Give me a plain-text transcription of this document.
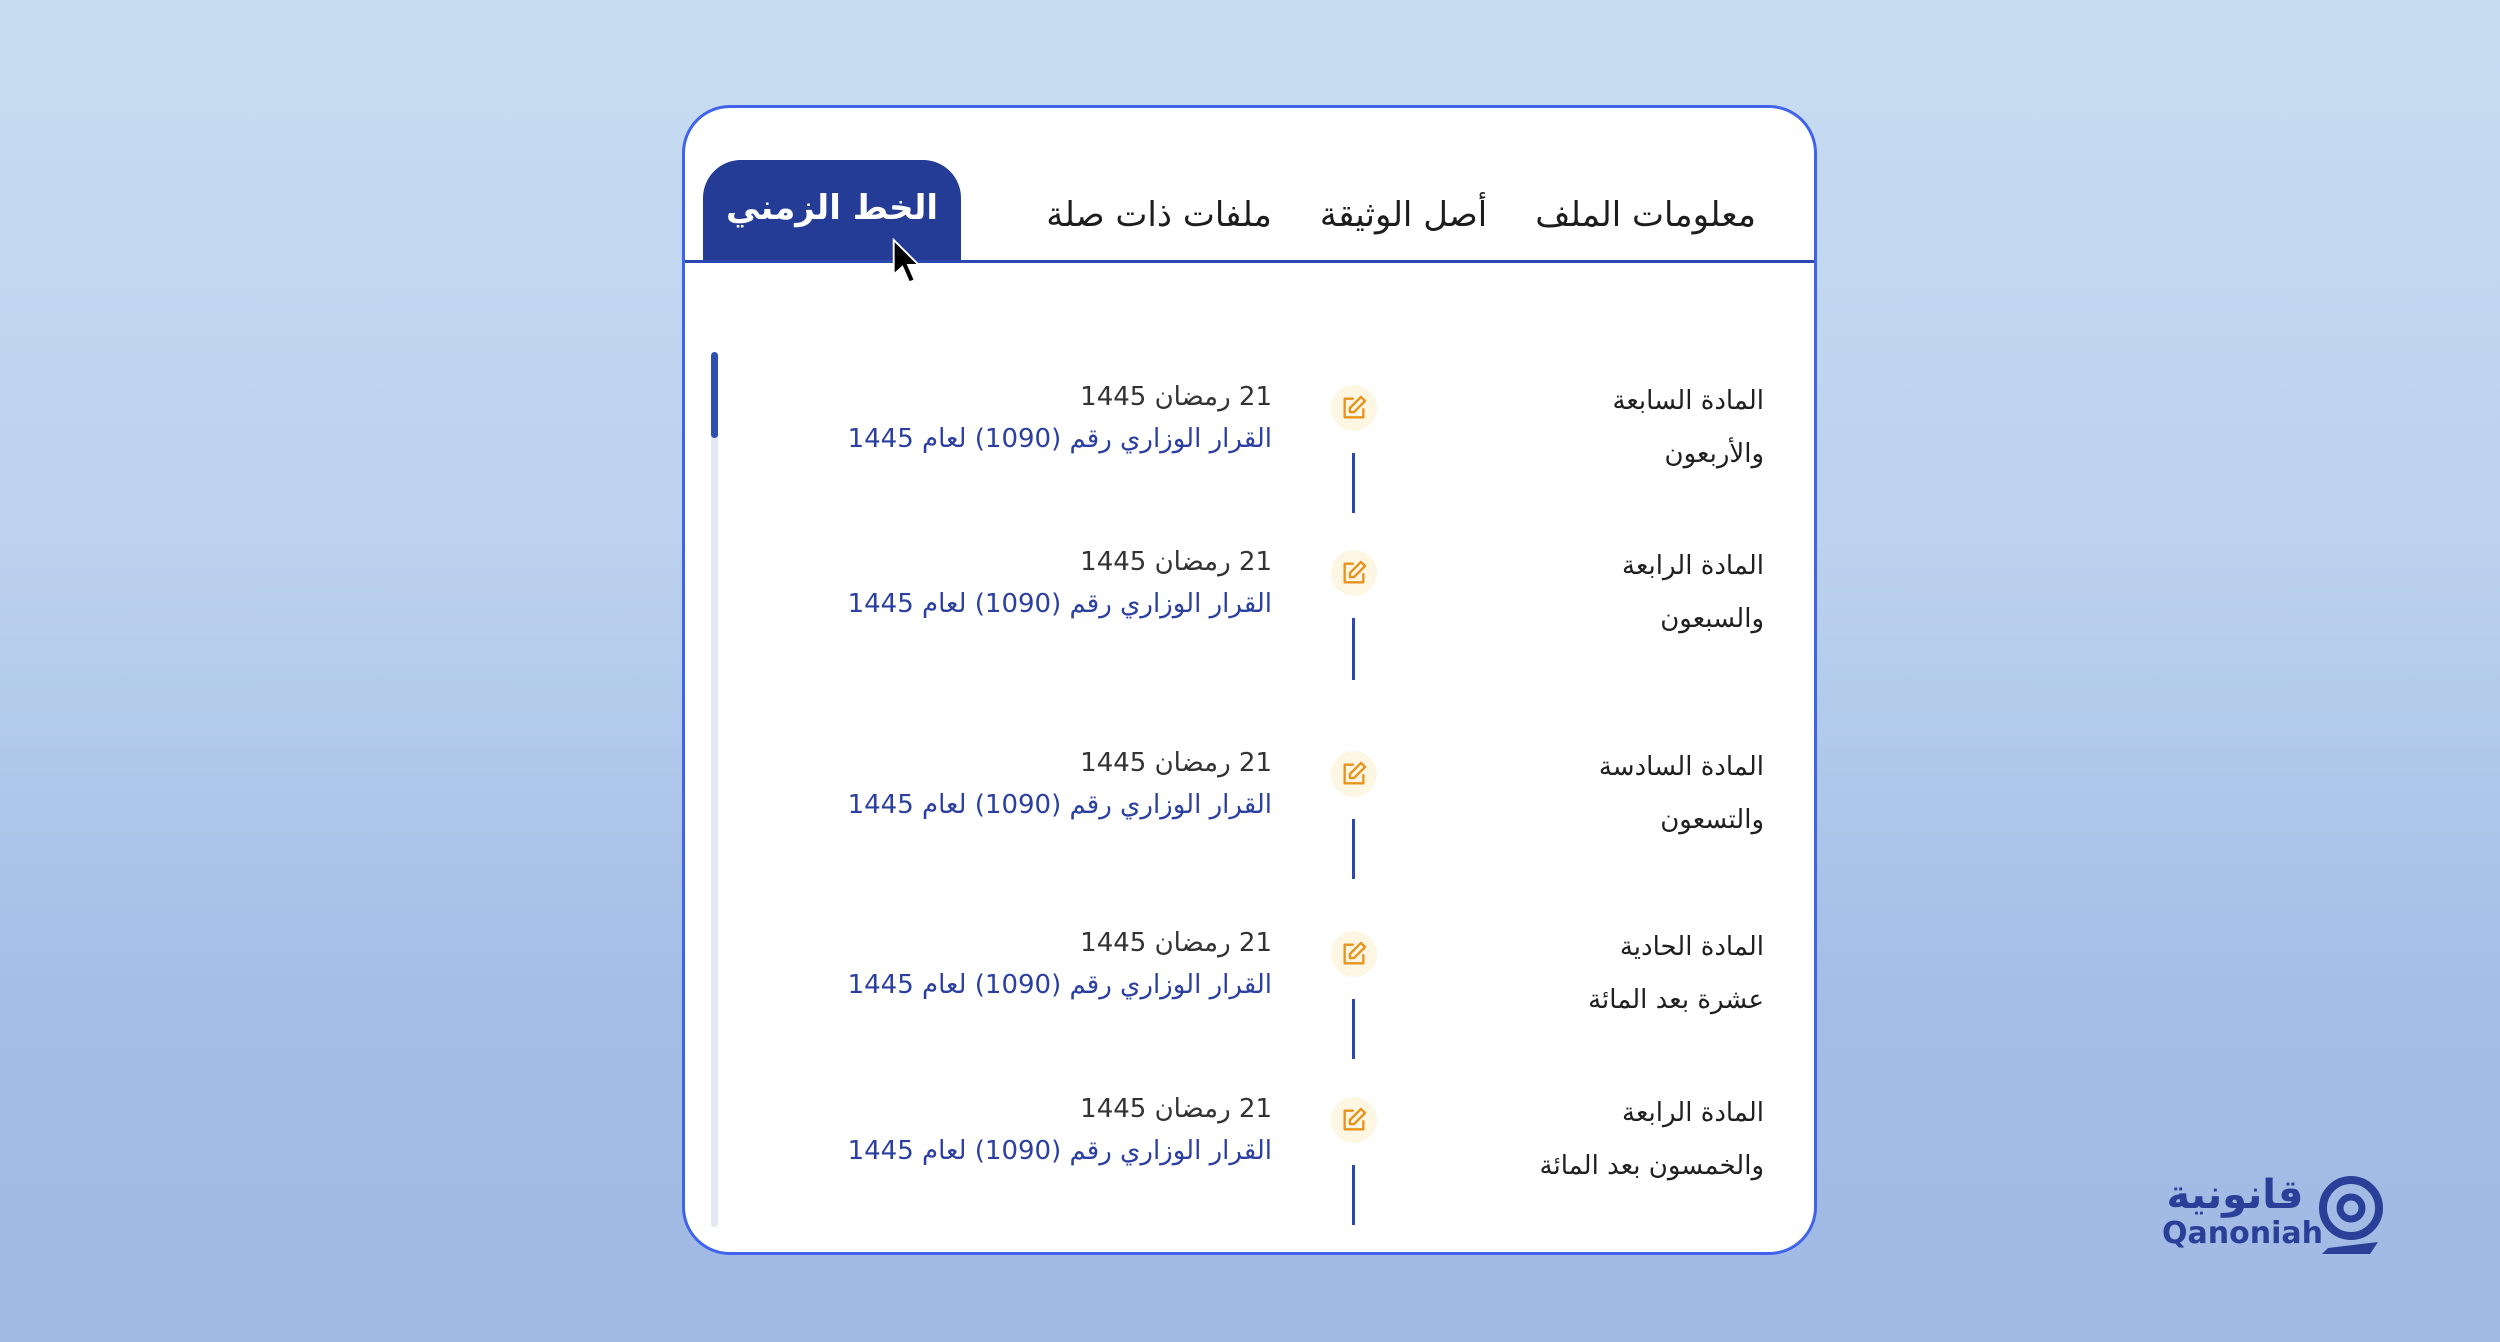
معلومات الملف
أصل الوثيقة
ملفات ذات صلة
الخط الزمني
المادة السابعة
والأربعون
21 رمضان 1445
القرار الوزاري رقم (1090) لعام 1445
المادة الرابعة
والسبعون
21 رمضان 1445
القرار الوزاري رقم (1090) لعام 1445
المادة السادسة
والتسعون
21 رمضان 1445
القرار الوزاري رقم (1090) لعام 1445
المادة الحادية
عشرة بعد المائة
21 رمضان 1445
القرار الوزاري رقم (1090) لعام 1445
المادة الرابعة
والخمسون بعد المائة
21 رمضان 1445
القرار الوزاري رقم (1090) لعام 1445
قانونية
Qanoniah
